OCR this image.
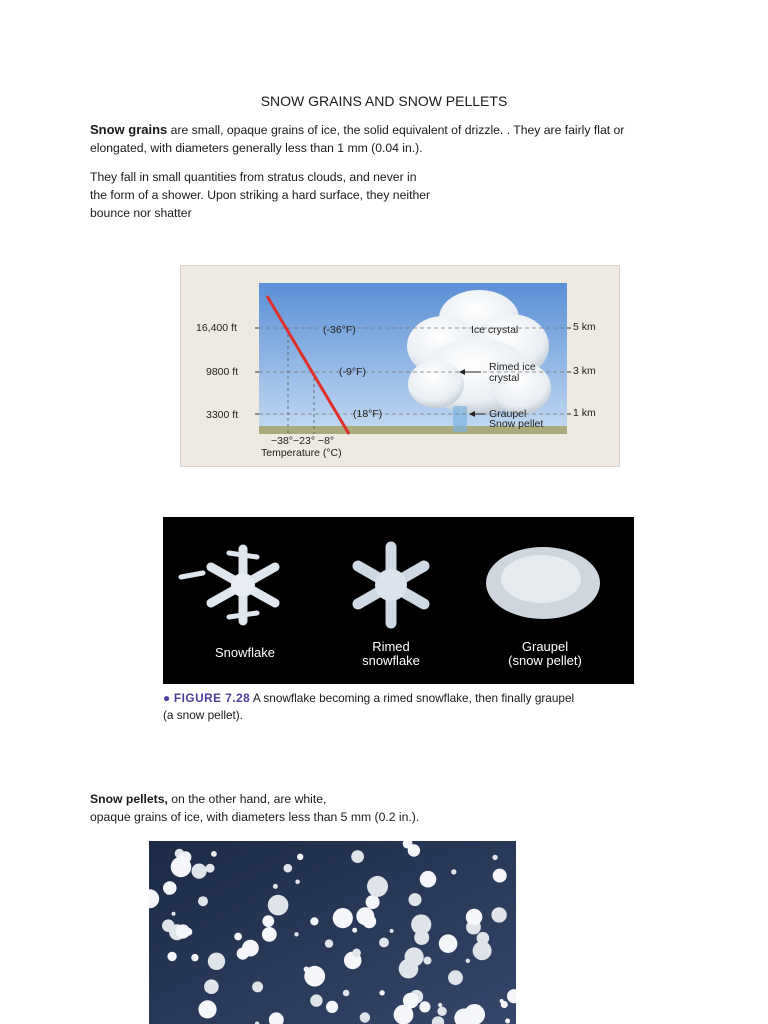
SNOW GRAINS AND SNOW PELLETS
Snow grains are small, opaque grains of ice, the solid equivalent of drizzle. . They are fairly flat or
elongated, with diameters generally less than 1 mm (0.04 in.).
They fall in small quantities from stratus clouds, and never in
the form of a shower. Upon striking a hard surface, they neither
bounce nor shatter
16,400 ft
9800 ft
3300 ft
5 km
3 km
1 km
(-36°F)
(-9°F)
(18°F)
Ice crystal
Rimed ice
crystal
Graupel
Snow pellet
−38°−23° −8°
Temperature (°C)
Snowflake	Rimed
snowflake
Graupel
(snow pellet)
● FIGURE 7.28 A snowflake becoming a rimed snowflake, then finally graupel
(a snow pellet).
Snow pellets, on the other hand, are white,
opaque grains of ice, with diameters less than 5 mm (0.2 in.).
